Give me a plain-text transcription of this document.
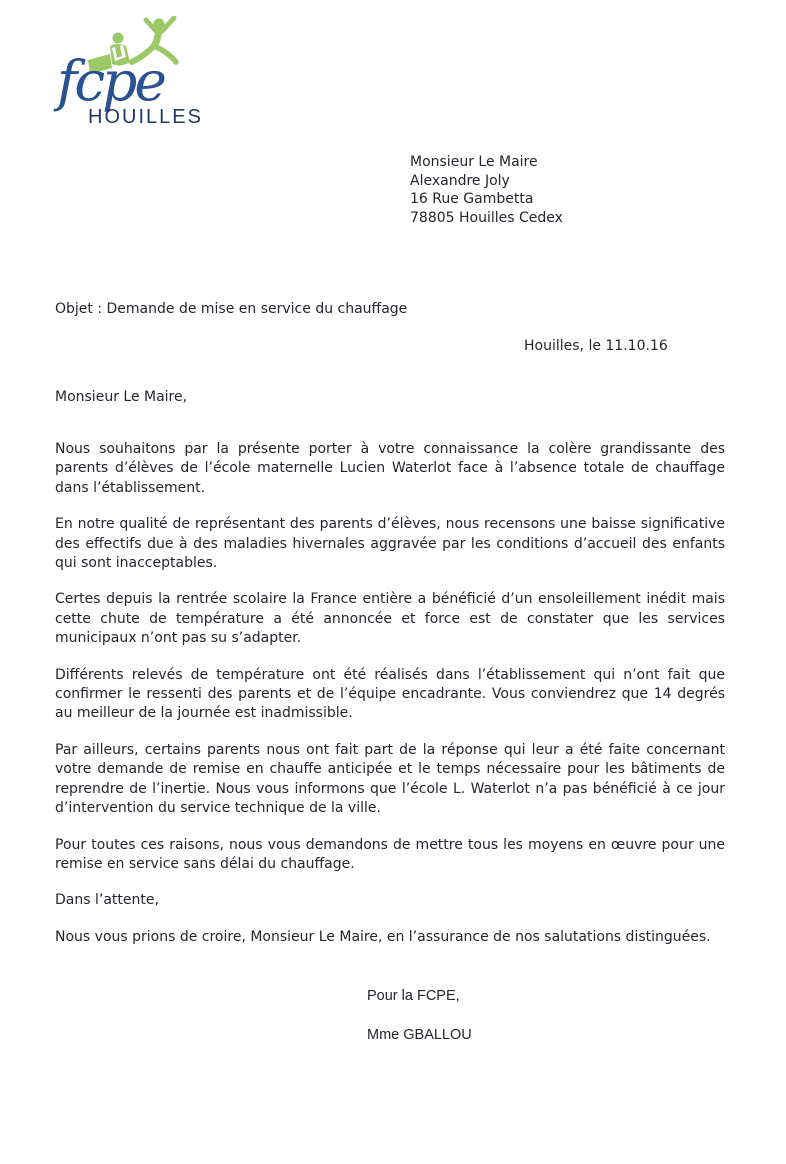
fcpe
HOUILLES
Monsieur Le Maire
Alexandre Joly
16 Rue Gambetta
78805 Houilles Cedex
Objet : Demande de mise en service du chauffage
Houilles, le 11.10.16
Monsieur Le Maire,

Nous souhaitons par la présente porter à votre connaissance la colère grandissante des parents d’élèves de l’école maternelle Lucien Waterlot face à l’absence totale de chauffage dans l’établissement.

En notre qualité de représentant des parents d’élèves, nous recensons une baisse significative des effectifs due à des maladies hivernales aggravée par les conditions d’accueil des enfants qui sont inacceptables.

Certes depuis la rentrée scolaire la France entière a bénéficié d’un ensoleillement inédit mais cette chute de température a été annoncée et force est de constater que les services municipaux n’ont pas su s’adapter.

Différents relevés de température ont été réalisés dans l’établissement qui n’ont fait que confirmer le ressenti des parents et de l’équipe encadrante. Vous conviendrez que 14 degrés au meilleur de la journée est inadmissible.

Par ailleurs, certains parents nous ont fait part de la réponse qui leur a été faite concernant votre demande de remise en chauffe anticipée et le temps nécessaire pour les bâtiments de reprendre de l’inertie. Nous vous informons que l’école L. Waterlot n’a pas bénéficié à ce jour d’intervention du service technique de la ville.

Pour toutes ces raisons, nous vous demandons de mettre tous les moyens en œuvre pour une remise en service sans délai du chauffage.

Dans l’attente,

Nous vous prions de croire, Monsieur Le Maire, en l’assurance de nos salutations distinguées.

Pour la FCPE,
Mme GBALLOU
